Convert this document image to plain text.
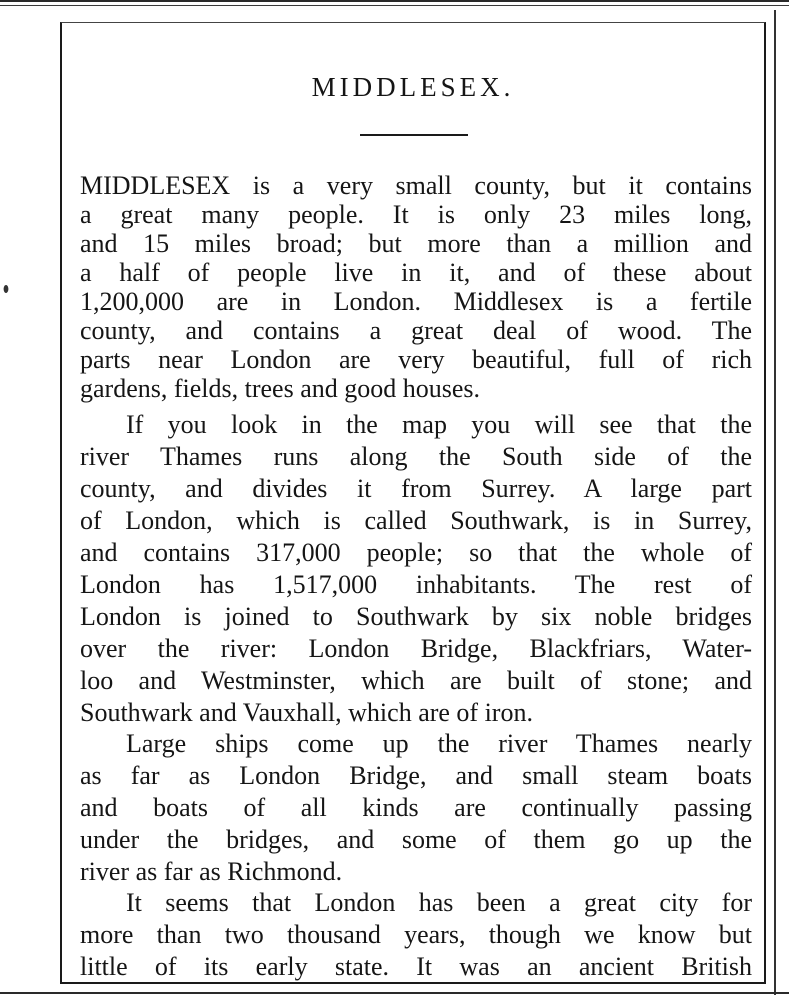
MIDDLESEX.
MIDDLESEX is a very small county, but it contains
a great many people. It is only 23 miles long,
and 15 miles broad; but more than a million and
a half of people live in it, and of these about
1,200,000 are in London. Middlesex is a fertile
county, and contains a great deal of wood. The
parts near London are very beautiful, full of rich
gardens, fields, trees and good houses.
If you look in the map you will see that the
river Thames runs along the South side of the
county, and divides it from Surrey. A large part
of London, which is called Southwark, is in Surrey,
and contains 317,000 people; so that the whole of
London has 1,517,000 inhabitants. The rest of
London is joined to Southwark by six noble bridges
over the river: London Bridge, Blackfriars, Water-
loo and Westminster, which are built of stone; and
Southwark and Vauxhall, which are of iron.
Large ships come up the river Thames nearly
as far as London Bridge, and small steam boats
and boats of all kinds are continually passing
under the bridges, and some of them go up the
river as far as Richmond.
It seems that London has been a great city for
more than two thousand years, though we know but
little of its early state. It was an ancient British
